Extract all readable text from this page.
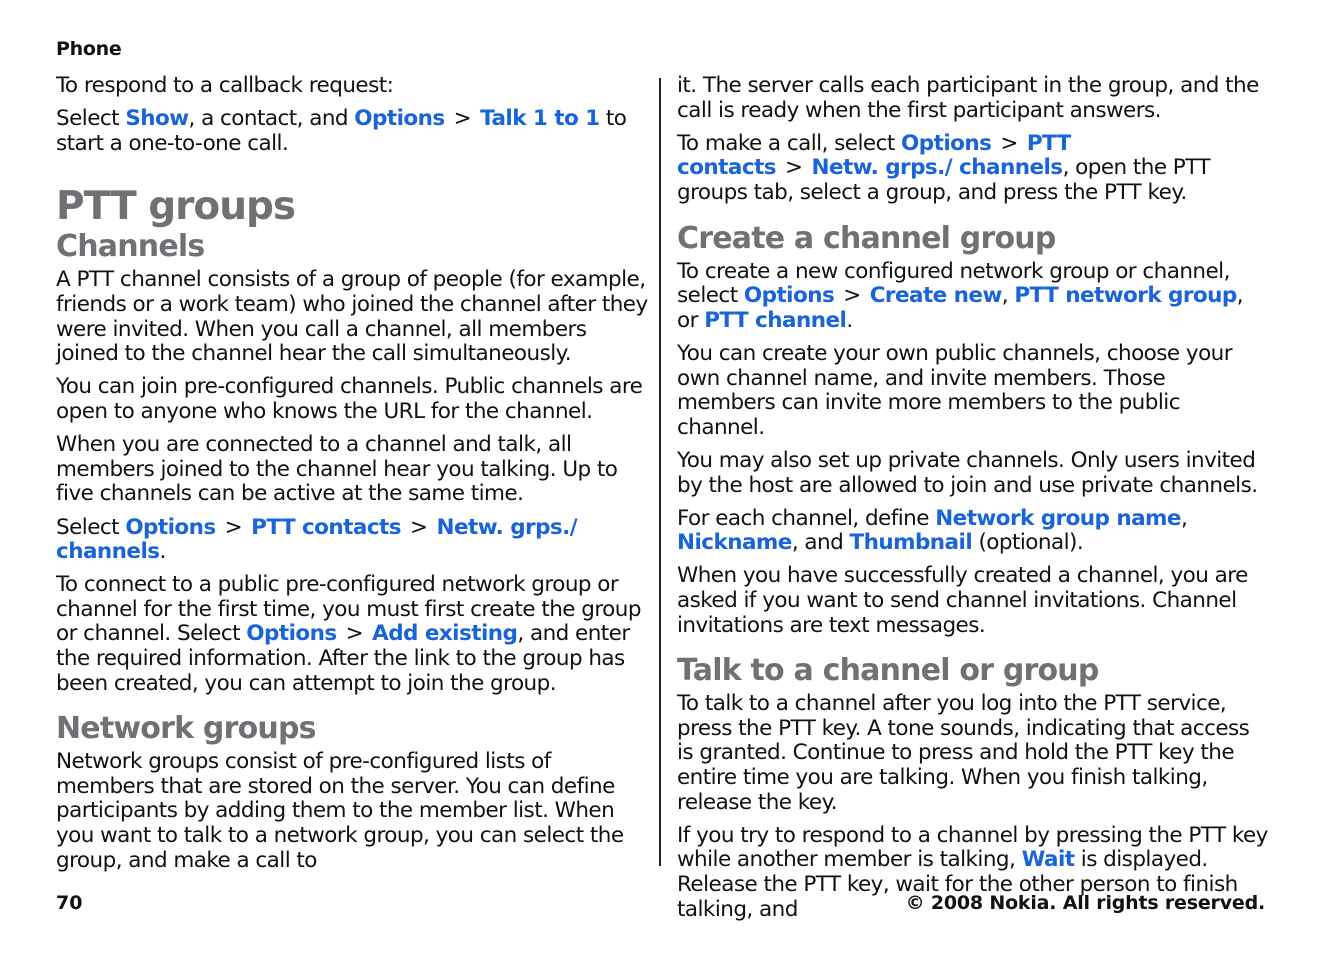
Phone

To respond to a callback request:

Select Show, a contact, and Options > Talk 1 to 1 to start a one-to-one call.

PTT groups
Channels

A PTT channel consists of a group of people (for example, friends or a work team) who joined the channel after they were invited. When you call a channel, all members joined to the channel hear the call simultaneously.

You can join pre-configured channels. Public channels are open to anyone who knows the URL for the channel.

When you are connected to a channel and talk, all members joined to the channel hear you talking. Up to five channels can be active at the same time.

Select Options > PTT contacts > Netw. grps./ channels.

To connect to a public pre-configured network group or channel for the first time, you must first create the group or channel. Select Options > Add existing, and enter the required information. After the link to the group has been created, you can attempt to join the group.

Network groups

Network groups consist of pre-configured lists of members that are stored on the server. You can define participants by adding them to the member list. When you want to talk to a network group, you can select the group, and make a call to

it. The server calls each participant in the group, and the call is ready when the first participant answers.

To make a call, select Options > PTT contacts > Netw. grps./ channels, open the PTT groups tab, select a group, and press the PTT key.

Create a channel group

To create a new configured network group or channel, select Options > Create new, PTT network group, or PTT channel.

You can create your own public channels, choose your own channel name, and invite members. Those members can invite more members to the public channel.

You may also set up private channels. Only users invited by the host are allowed to join and use private channels.

For each channel, define Network group name, Nickname, and Thumbnail (optional).

When you have successfully created a channel, you are asked if you want to send channel invitations. Channel invitations are text messages.

Talk to a channel or group

To talk to a channel after you log into the PTT service, press the PTT key. A tone sounds, indicating that access is granted. Continue to press and hold the PTT key the entire time you are talking. When you finish talking, release the key.

If you try to respond to a channel by pressing the PTT key while another member is talking, Wait is displayed. Release the PTT key, wait for the other person to finish talking, and

70	© 2008 Nokia. All rights reserved.
